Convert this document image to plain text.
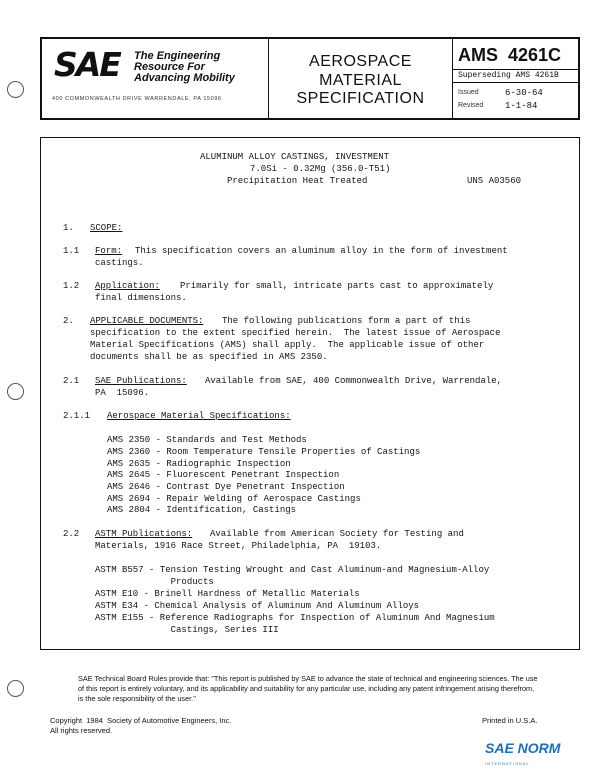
SAE The Engineering
Resource For
Advancing Mobility
400 COMMONWEALTH DRIVE WARRENDALE, PA 15096
AEROSPACE
MATERIAL
SPECIFICATION
AMS  4261C
Superseding AMS 4261B
Issued	6-30-64
Revised 1-1-84
ALUMINUM ALLOY CASTINGS, INVESTMENT
7.0Si - 0.32Mg (356.0-T51)
Precipitation Heat Treated	UNS A03560
1. SCOPE:
1.1 Form: This specification covers an aluminum alloy in the form of investment
castings.
1.2 Application: Primarily for small, intricate parts cast to approximately
final dimensions.
2. APPLICABLE DOCUMENTS: The following publications form a part of this
specification to the extent specified herein.  The latest issue of Aerospace
Material Specifications (AMS) shall apply.  The applicable issue of other
documents shall be as specified in AMS 2350.
2.1 SAE Publications: Available from SAE, 400 Commonwealth Drive, Warrendale,
PA  15096.
2.1.1 Aerospace Material Specifications:
AMS 2350 - Standards and Test Methods
AMS 2360 - Room Temperature Tensile Properties of Castings
AMS 2635 - Radiographic Inspection
AMS 2645 - Fluorescent Penetrant Inspection
AMS 2646 - Contrast Dye Penetrant Inspection
AMS 2694 - Repair Welding of Aerospace Castings
AMS 2804 - Identification, Castings
2.2 ASTM Publications: Available from American Society for Testing and
Materials, 1916 Race Street, Philadelphia, PA  19103.
ASTM B557 - Tension Testing Wrought and Cast Aluminum-and Magnesium-Alloy
Products
ASTM E10 - Brinell Hardness of Metallic Materials
ASTM E34 - Chemical Analysis of Aluminum And Aluminum Alloys
ASTM E155 - Reference Radiographs for Inspection of Aluminum And Magnesium
Castings, Series III
SAE Technical Board Rules provide that: "This report is published by SAE to advance the state of technical and engineering sciences. The use of this report is entirely voluntary, and its applicability and suitability for any particular use, including any patent infringement arising therefrom, is the sole responsibility of the user."
Copyright  1984  Society of Automotive Engineers, Inc.
All rights reserved.
Printed in U.S.A.
SAE NORM
INTERNATIONAL
